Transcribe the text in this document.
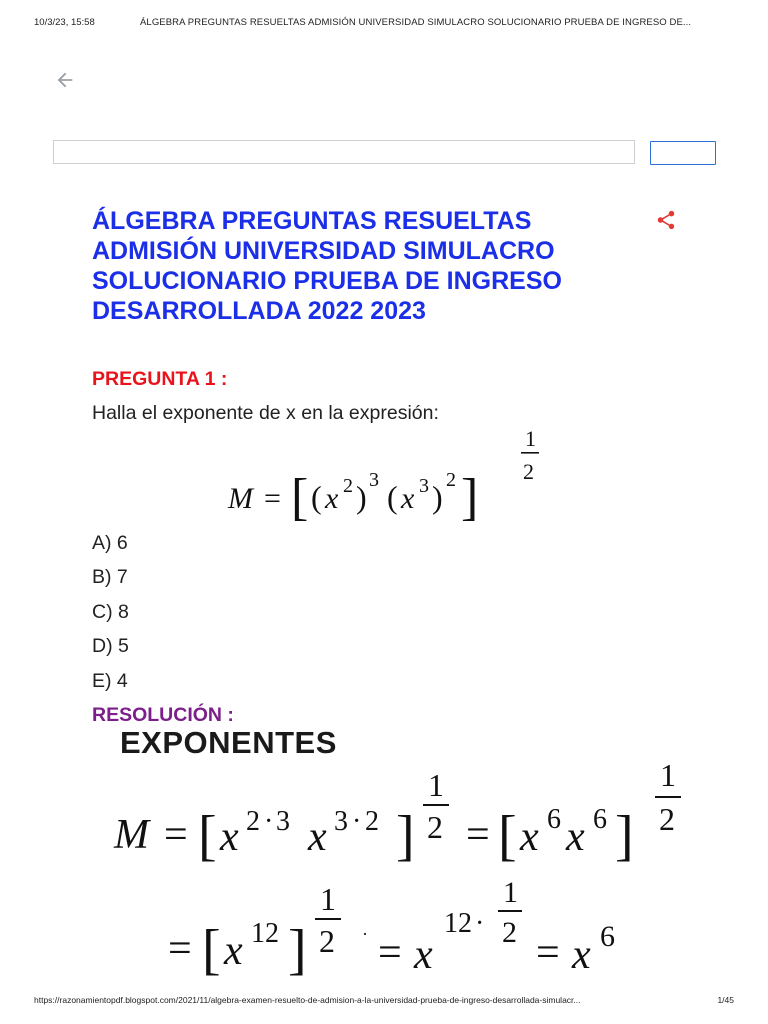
10/3/23, 15:58	ÁLGEBRA PREGUNTAS RESUELTAS ADMISIÓN UNIVERSIDAD SIMULACRO SOLUCIONARIO PRUEBA DE INGRESO DE...
ÁLGEBRA PREGUNTAS RESUELTAS ADMISIÓN UNIVERSIDAD SIMULACRO SOLUCIONARIO PRUEBA DE INGRESO DESARROLLADA 2022 2023

PREGUNTA 1 :

Halla el exponente de x en la expresión:

M = [ ( x 2 ) 3 ( x 3 ) 2 ]
1
2

A) 6

B) 7

C) 8

D) 5

E) 4

RESOLUCIÓN :

EXPONENTES

M = [ x 2 · 3 x 3 · 2 ]
1
2 = [ x 6 x 6 ]
1
2
= [ x 12 ]
1
2 · = x
12 ·
1
2 = x 6
https://razonamientopdf.blogspot.com/2021/11/algebra-examen-resuelto-de-admision-a-la-universidad-prueba-de-ingreso-desarrollada-simulacr...	1/45
